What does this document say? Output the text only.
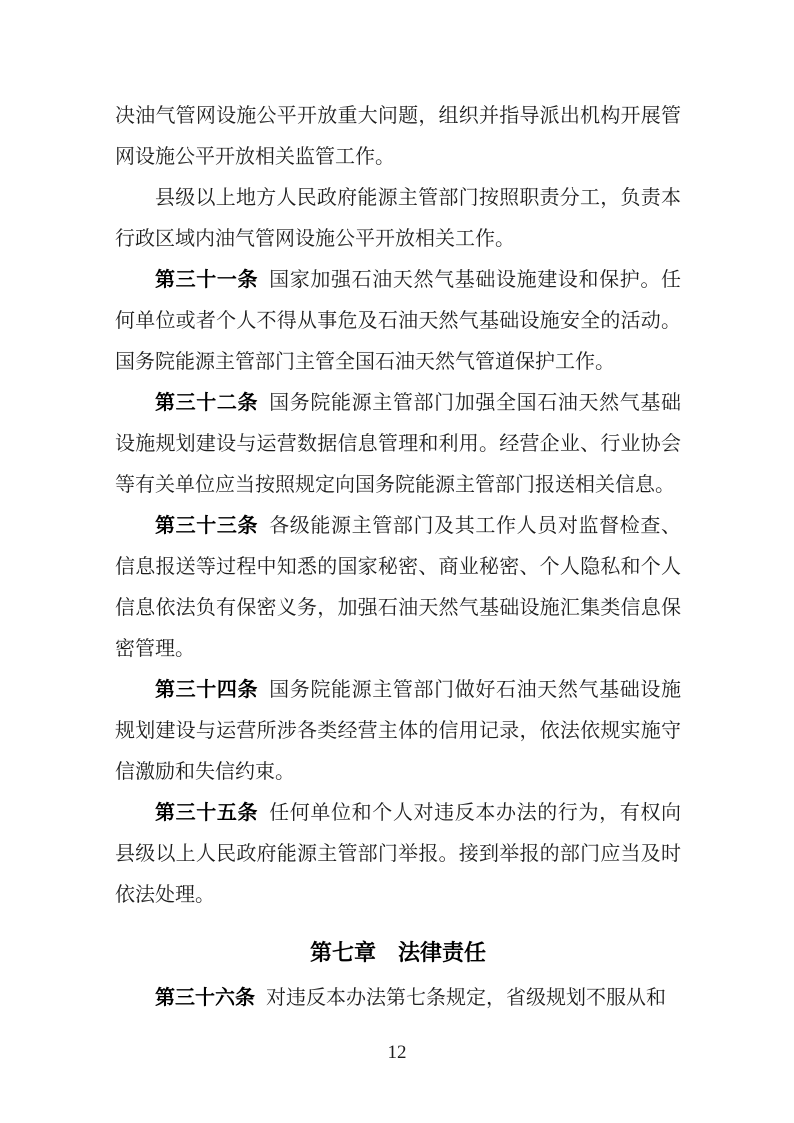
决油气管网设施公平开放重大问题，组织并指导派出机构开展管网设施公平开放相关监管工作。

县级以上地方人民政府能源主管部门按照职责分工，负责本行政区域内油气管网设施公平开放相关工作。

第三十一条 国家加强石油天然气基础设施建设和保护。任何单位或者个人不得从事危及石油天然气基础设施安全的活动。国务院能源主管部门主管全国石油天然气管道保护工作。

第三十二条 国务院能源主管部门加强全国石油天然气基础设施规划建设与运营数据信息管理和利用。经营企业、行业协会等有关单位应当按照规定向国务院能源主管部门报送相关信息。

第三十三条 各级能源主管部门及其工作人员对监督检查、信息报送等过程中知悉的国家秘密、商业秘密、个人隐私和个人信息依法负有保密义务，加强石油天然气基础设施汇集类信息保密管理。

第三十四条 国务院能源主管部门做好石油天然气基础设施规划建设与运营所涉各类经营主体的信用记录，依法依规实施守信激励和失信约束。

第三十五条 任何单位和个人对违反本办法的行为，有权向县级以上人民政府能源主管部门举报。接到举报的部门应当及时依法处理。

第七章　法律责任

第三十六条 对违反本办法第七条规定，省级规划不服从和

12
